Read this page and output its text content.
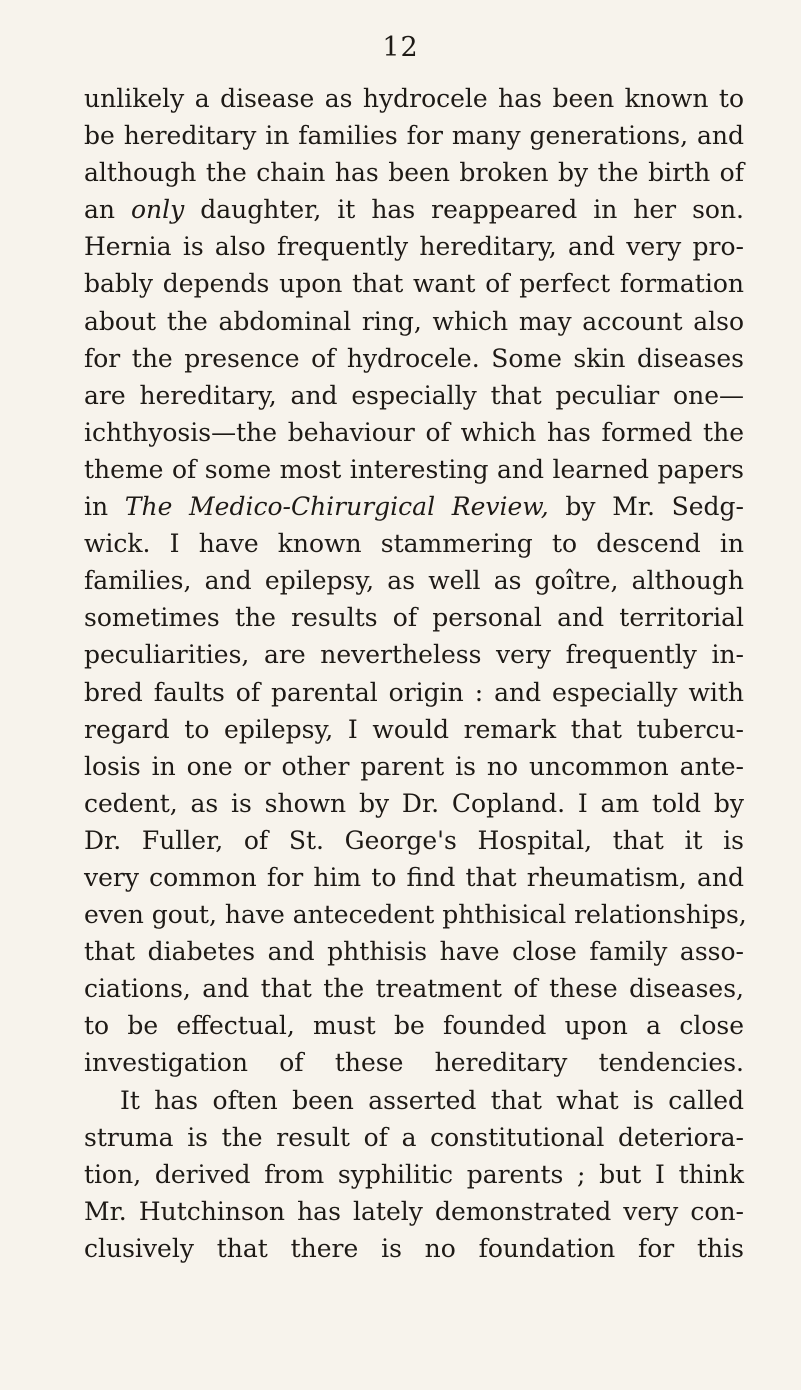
12
unlikely a disease as hydrocele has been known to
be hereditary in families for many generations, and
although the chain has been broken by the birth of
an only daughter, it has reappeared in her son.
Hernia is also frequently hereditary, and very pro-
bably depends upon that want of perfect formation
about the abdominal ring, which may account also
for the presence of hydrocele. Some skin diseases
are hereditary, and especially that peculiar one—
ichthyosis—the behaviour of which has formed the
theme of some most interesting and learned papers
in The Medico-Chirurgical Review, by Mr. Sedg-
wick. I have known stammering to descend in
families, and epilepsy, as well as goître, although
sometimes the results of personal and territorial
peculiarities, are nevertheless very frequently in-
bred faults of parental origin : and especially with
regard to epilepsy, I would remark that tubercu-
losis in one or other parent is no uncommon ante-
cedent, as is shown by Dr. Copland. I am told by
Dr. Fuller, of St. George's Hospital, that it is
very common for him to find that rheumatism, and
even gout, have antecedent phthisical relationships,
that diabetes and phthisis have close family asso-
ciations, and that the treatment of these diseases,
to be effectual, must be founded upon a close
investigation of these hereditary tendencies.
It has often been asserted that what is called
struma is the result of a constitutional deteriora-
tion, derived from syphilitic parents ; but I think
Mr. Hutchinson has lately demonstrated very con-
clusively that there is no foundation for this
